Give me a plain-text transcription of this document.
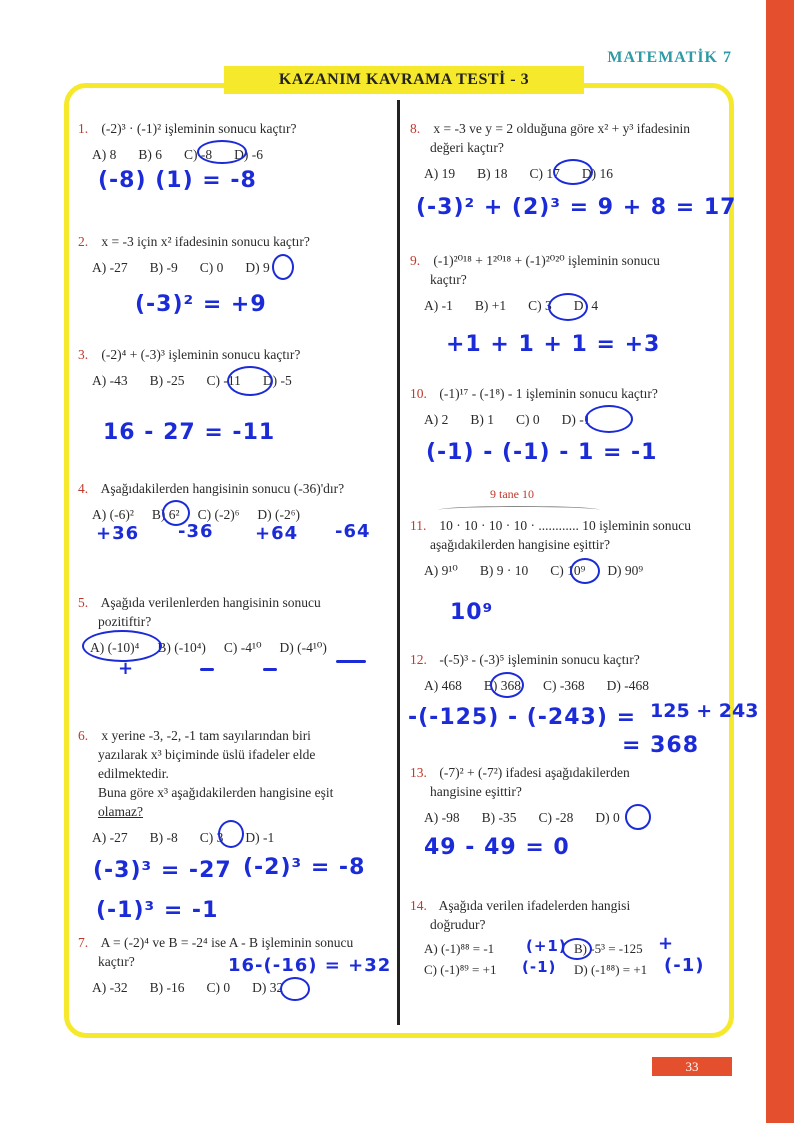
MATEMATİK 7
KAZANIM KAVRAMA TESTİ - 3
1. (-2)³ · (-1)² işleminin sonucu kaçtır?
A) 8 B) 6 C) -8 D) -6
2. x = -3 için x² ifadesinin sonucu kaçtır?
A) -27 B) -9 C) 0 D) 9
3. (-2)⁴ + (-3)³ işleminin sonucu kaçtır?
A) -43 B) -25 C) -11 D) -5
4. Aşağıdakilerden hangisinin sonucu (-36)'dır?
A) (-6)² B) 6² C) (-2)⁶ D) (-2⁶)
5. Aşağıda verilenlerden hangisinin sonucu
pozitiftir?
A) (-10)⁴ B) (-10⁴) C) -4¹⁰ D) (-4¹⁰)
6. x yerine -3, -2, -1 tam sayılarından biri
yazılarak x³ biçiminde üslü ifadeler elde
edilmektedir.
Buna göre x³ aşağıdakilerden hangisine eşit
olamaz?
A) -27 B) -8 C) 3 D) -1
7. A = (-2)⁴ ve B = -2⁴ ise A - B işleminin sonucu
kaçtır?
A) -32 B) -16 C) 0 D) 32
8. x = -3 ve y = 2 olduğuna göre x² + y³ ifadesinin
değeri kaçtır?
A) 19 B) 18 C) 17 D) 16
9. (-1)²⁰¹⁸ + 1²⁰¹⁸ + (-1)²⁰²⁰ işleminin sonucu
kaçtır?
A) -1 B) +1 C) 3 D) 4
10. (-1)¹⁷ - (-1⁸) - 1 işleminin sonucu kaçtır?
A) 2 B) 1 C) 0 D) -1
9 tane 10
11. 10 · 10 · 10 · 10 · ............ 10 işleminin sonucu
aşağıdakilerden hangisine eşittir?
A) 9¹⁰ B) 9 · 10 C) 10⁹ D) 90⁹
12. -(-5)³ - (-3)⁵ işleminin sonucu kaçtır?
A) 468 B) 368 C) -368 D) -468
13. (-7)² + (-7²) ifadesi aşağıdakilerden
hangisine eşittir?
A) -98 B) -35 C) -28 D) 0
14. Aşağıda verilen ifadelerden hangisi
doğrudur?
A) (-1)⁸⁸ = -1	B) -5³ = -125
C) (-1)⁸⁹ = +1	D) (-1⁸⁸) = +1
33
(-8) (1) = -8
(-3)² = +9
16 - 27 = -11
+36 -36 +64 -64
+
(-3)³ = -27 (-2)³ = -8
(-1)³ = -1
16-(-16) = +32
(-3)² + (2)³ = 9 + 8 = 17
+1 + 1 + 1 = +3
(-1) - (-1) - 1 = -1
10⁹
-(-125) - (-243) = 125 + 243
= 368
49 - 49 = 0
(+1)	+
(-1)	(-1)
